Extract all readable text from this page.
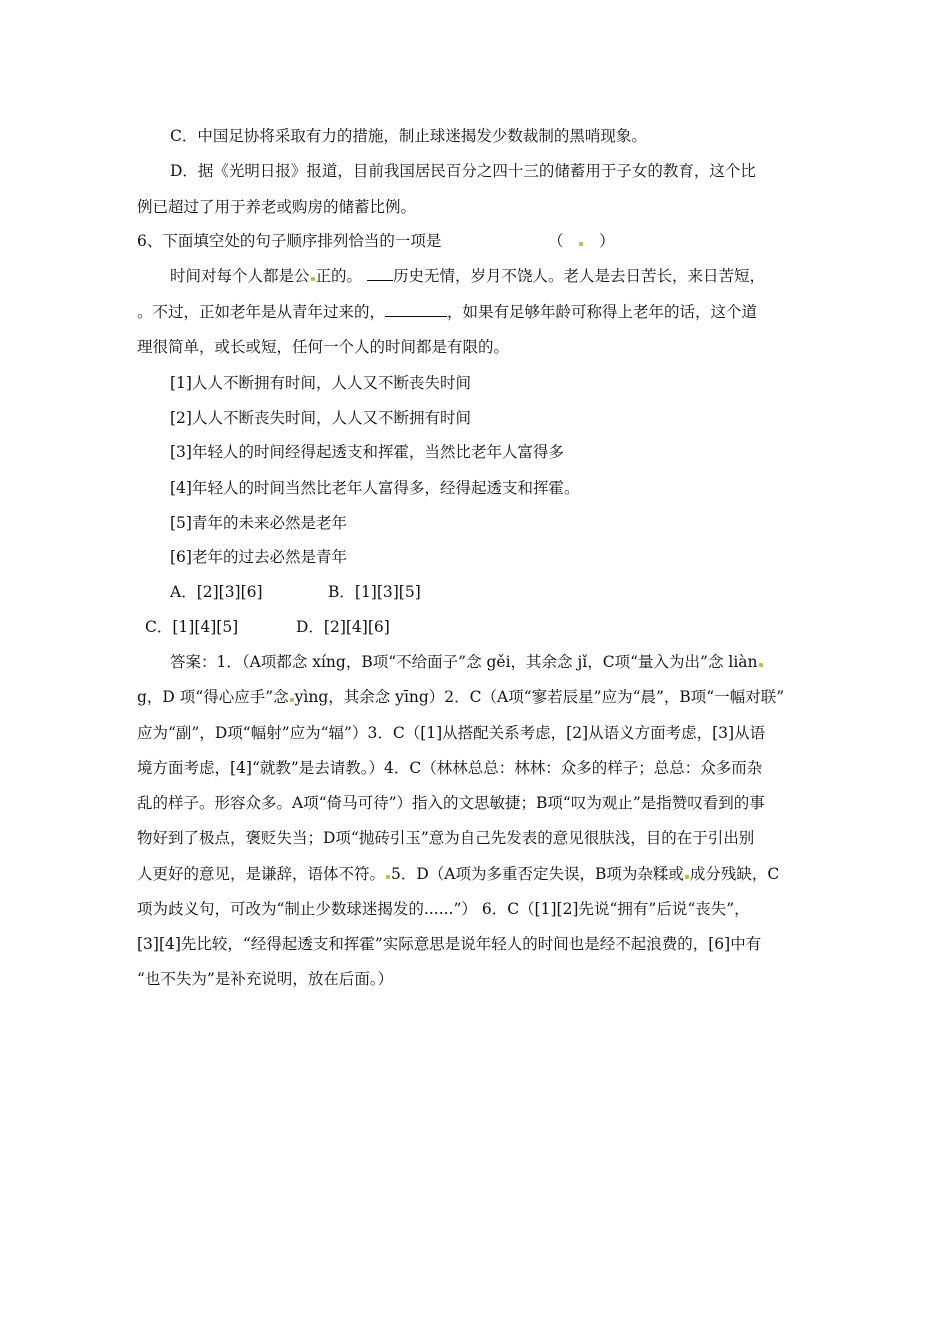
C．中国足协将采取有力的措施，制止球迷揭发少数裁制的黑哨现象。
D．据《光明日报》报道，目前我国居民百分之四十三的储蓄用于子女的教育，这个比
例已超过了用于养老或购房的储蓄比例。
6、下面填空处的句子顺序排列恰当的一项是	（ ）
时间对每个人都是公 正的。 历史无情，岁月不饶人。老人是去日苦长，来日苦短，
。不过，正如老年是从青年过来的，	，如果有足够年龄可称得上老年的话，这个道
理很简单，或长或短，任何一个人的时间都是有限的。
[1]人人不断拥有时间，人人又不断丧失时间
[2]人人不断丧失时间，人人又不断拥有时间
[3]年轻人的时间经得起透支和挥霍，当然比老年人富得多
[4]年轻人的时间当然比老年人富得多，经得起透支和挥霍。
[5]青年的未来必然是老年
[6]老年的过去必然是青年
A．[2][3][6]	B．[1][3][5]
C．[1][4][5]	D．[2][4][6]
答案：1．（A项都念 xíng，B项“不给面子”念 gěi，其余念 jǐ，C项“量入为出”念 liàn
g，D 项“得心应手”念 yìng，其余念 yīng）2．C（A项“寥若辰星”应为“晨”，B项“一幅对联”
应为“副”，D项“幅射”应为“辐”）3．C（[1]从搭配关系考虑，[2]从语义方面考虑，[3]从语
境方面考虑，[4]“就教”是去请教。）4．C（林林总总：林林：众多的样子；总总：众多而杂
乱的样子。形容众多。A项“倚马可待”）指入的文思敏捷；B项“叹为观止”是指赞叹看到的事
物好到了极点，褒贬失当；D项“抛砖引玉”意为自己先发表的意见很肤浅，目的在于引出别
人更好的意见，是谦辞，语体不符。 5．D（A项为多重否定失误，B项为杂糅或 成分残缺，C
项为歧义句，可改为“制止少数球迷揭发的......”） 6．C（[1][2]先说“拥有”后说“丧失”，
[3][4]先比较，“经得起透支和挥霍”实际意思是说年轻人的时间也是经不起浪费的，[6]中有
“也不失为”是补充说明，放在后面。）
